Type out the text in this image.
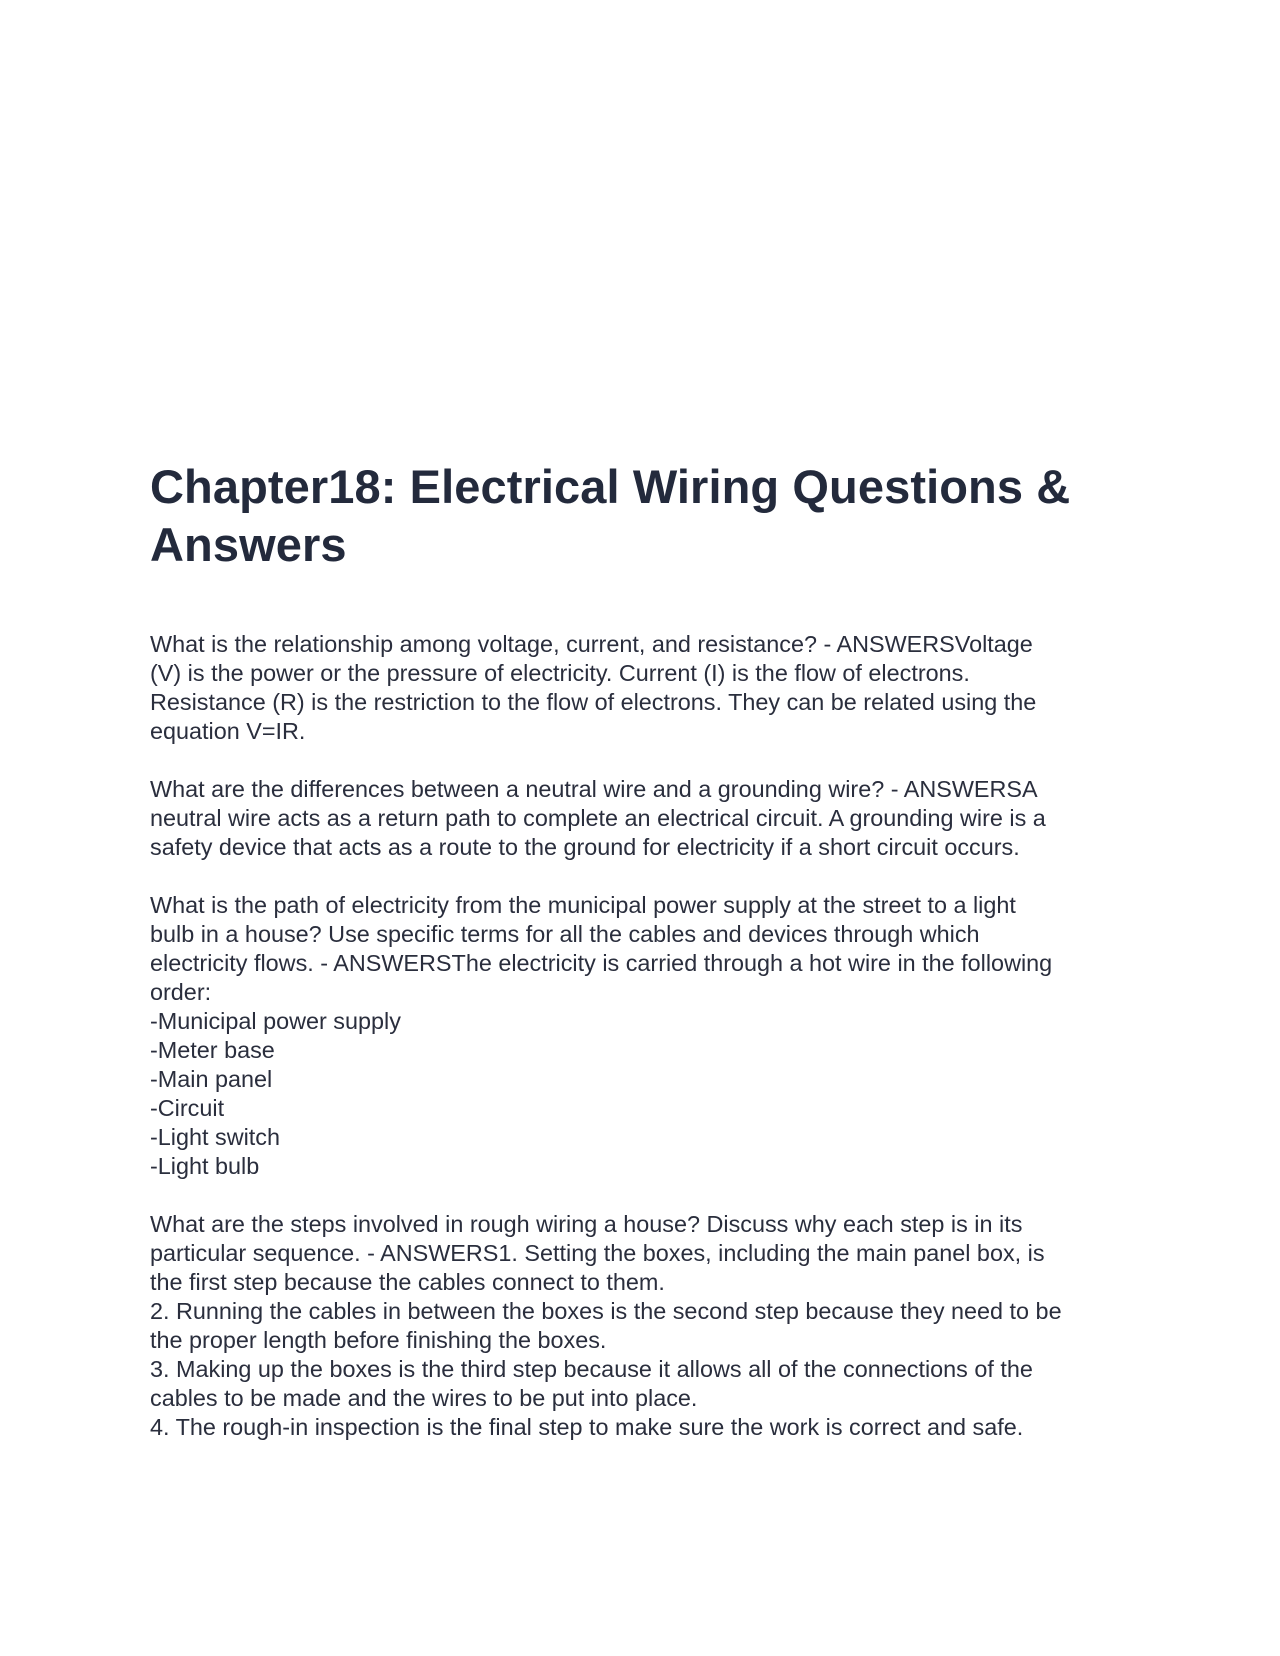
Chapter18: Electrical Wiring Questions &
Answers

What is the relationship among voltage, current, and resistance? - ANSWERSVoltage
(V) is the power or the pressure of electricity. Current (I) is the flow of electrons.
Resistance (R) is the restriction to the flow of electrons. They can be related using the
equation V=IR.

What are the differences between a neutral wire and a grounding wire? - ANSWERSA
neutral wire acts as a return path to complete an electrical circuit. A grounding wire is a
safety device that acts as a route to the ground for electricity if a short circuit occurs.

What is the path of electricity from the municipal power supply at the street to a light
bulb in a house? Use specific terms for all the cables and devices through which
electricity flows. - ANSWERSThe electricity is carried through a hot wire in the following
order:
-Municipal power supply
-Meter base
-Main panel
-Circuit
-Light switch
-Light bulb

What are the steps involved in rough wiring a house? Discuss why each step is in its
particular sequence. - ANSWERS1. Setting the boxes, including the main panel box, is
the first step because the cables connect to them.
2. Running the cables in between the boxes is the second step because they need to be
the proper length before finishing the boxes.
3. Making up the boxes is the third step because it allows all of the connections of the
cables to be made and the wires to be put into place.
4. The rough-in inspection is the final step to make sure the work is correct and safe.
